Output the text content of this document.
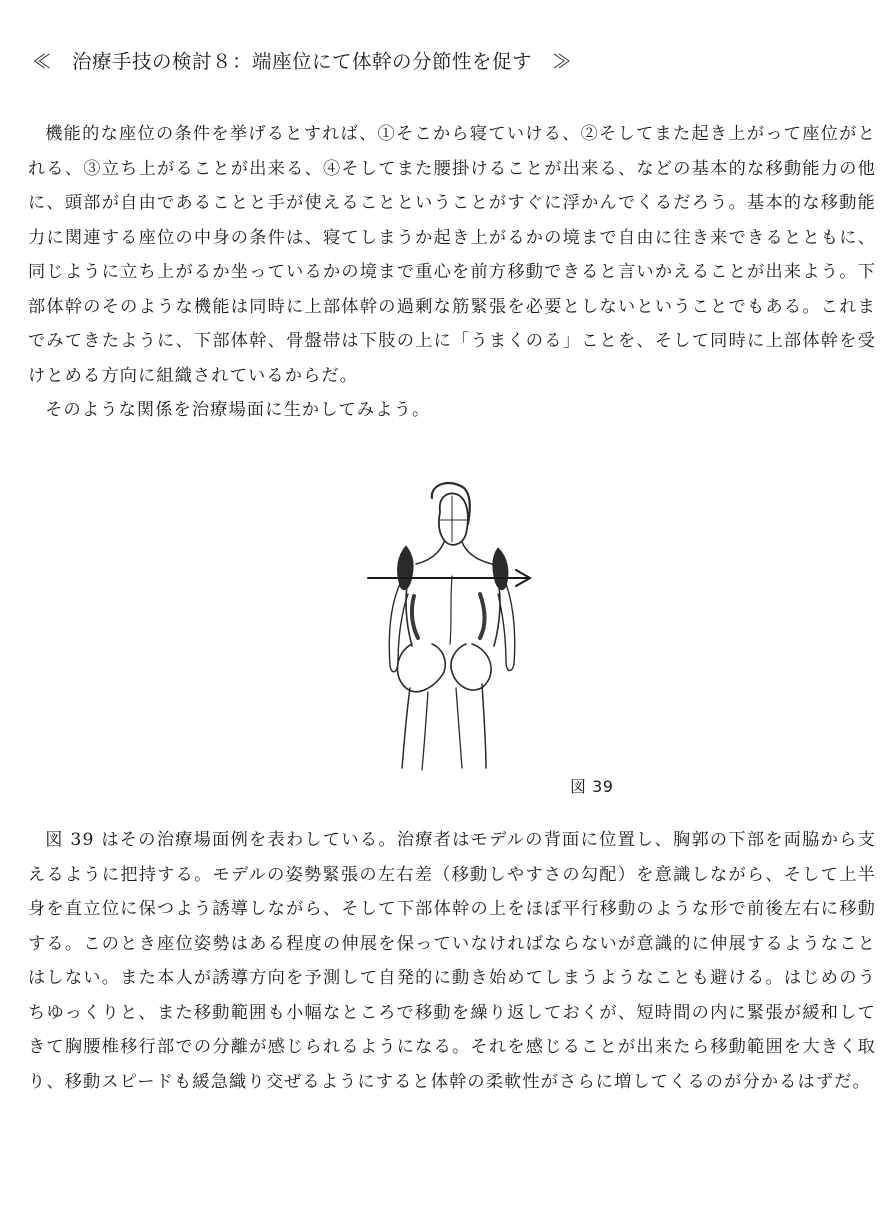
≪　治療手技の検討８：端座位にて体幹の分節性を促す　≫

機能的な座位の条件を挙げるとすれば、①そこから寝ていける、②そしてまた起き上がって座位がとれる、③立ち上がることが出来る、④そしてまた腰掛けることが出来る、などの基本的な移動能力の他に、頭部が自由であることと手が使えることということがすぐに浮かんでくるだろう。基本的な移動能力に関連する座位の中身の条件は、寝てしまうか起き上がるかの境まで自由に往き来できるとともに、同じように立ち上がるか坐っているかの境まで重心を前方移動できると言いかえることが出来よう。下部体幹のそのような機能は同時に上部体幹の過剰な筋緊張を必要としないということでもある。これまでみてきたように、下部体幹、骨盤帯は下肢の上に「うまくのる」ことを、そして同時に上部体幹を受けとめる方向に組織されているからだ。

そのような関係を治療場面に生かしてみよう。

図 39

図 39 はその治療場面例を表わしている。治療者はモデルの背面に位置し、胸郭の下部を両脇から支えるように把持する。モデルの姿勢緊張の左右差（移動しやすさの勾配）を意識しながら、そして上半身を直立位に保つよう誘導しながら、そして下部体幹の上をほぼ平行移動のような形で前後左右に移動する。このとき座位姿勢はある程度の伸展を保っていなければならないが意識的に伸展するようなことはしない。また本人が誘導方向を予測して自発的に動き始めてしまうようなことも避ける。はじめのうちゆっくりと、また移動範囲も小幅なところで移動を繰り返しておくが、短時間の内に緊張が緩和してきて胸腰椎移行部での分離が感じられるようになる。それを感じることが出来たら移動範囲を大きく取り、移動スピードも緩急織り交ぜるようにすると体幹の柔軟性がさらに増してくるのが分かるはずだ。
